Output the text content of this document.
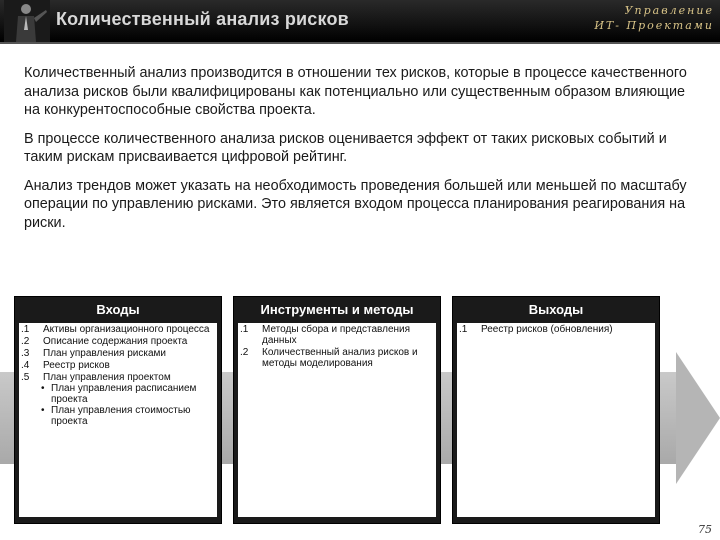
Количественный анализ рисков	Управление
ИТ- Проектами

Количественный анализ производится в отношении тех рисков, которые в процессе качественного анализа рисков были квалифицированы как потенциально или существенным образом влияющие на конкурентоспособные свойства проекта.

В процессе количественного анализа рисков оценивается эффект от таких рисковых событий и таким рискам присваивается цифровой рейтинг.

Анализ трендов может указать на необходимость проведения большей или меньшей по масштабу операции по управлению рисками. Это является входом процесса планирования реагирования на риски.

Входы
.1 Активы организационного процесса
.2 Описание содержания проекта
.3 План управления рисками
.4 Реестр рисков
.5 План управления проектом
• План управления расписанием проекта
• План управления стоимостью проекта
Инструменты и методы
.1 Методы сбора и представления данных
.2 Количественный анализ рисков и методы моделирования
Выходы
.1 Реестр рисков (обновления)
75
